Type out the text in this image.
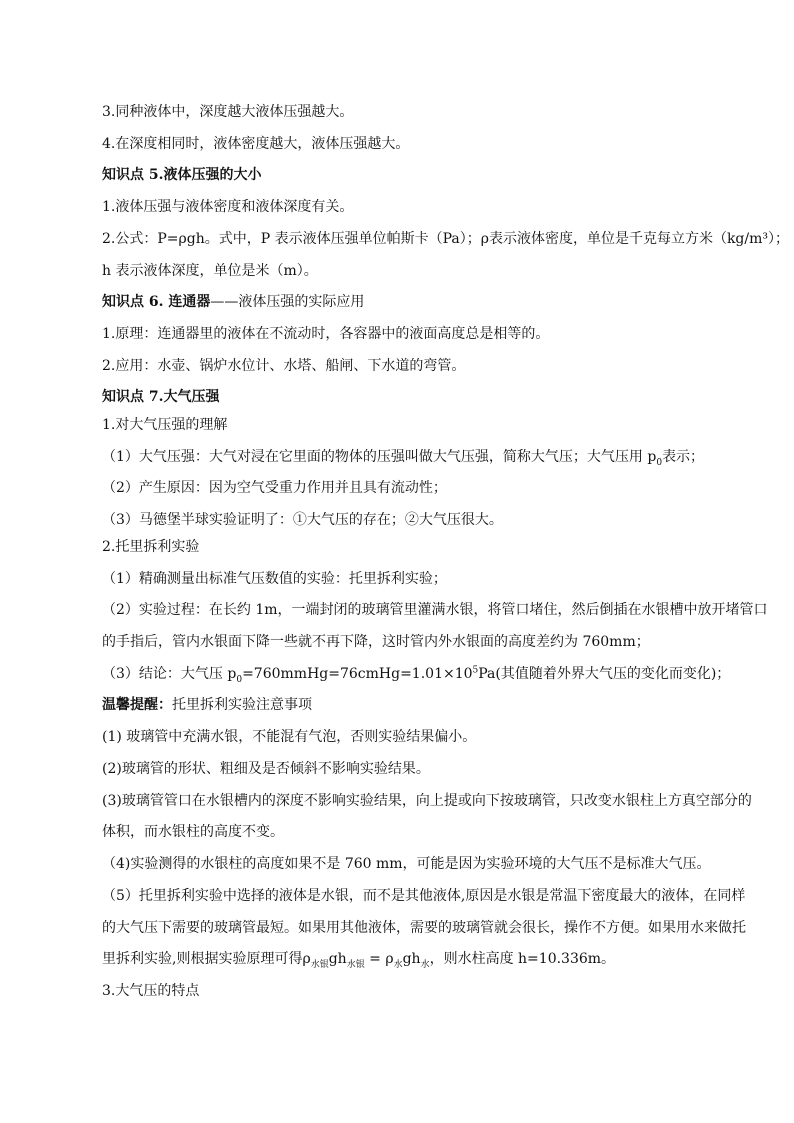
3.同种液体中，深度越大液体压强越大。
4.在深度相同时，液体密度越大，液体压强越大。
知识点 5.液体压强的大小
1.液体压强与液体密度和液体深度有关。
2.公式：P=ρgh。式中，P 表示液体压强单位帕斯卡（Pa）；ρ表示液体密度，单位是千克每立方米（kg/m³）；
h 表示液体深度，单位是米（m）。
知识点 6. 连通器——液体压强的实际应用
1.原理：连通器里的液体在不流动时，各容器中的液面高度总是相等的。
2.应用：水壶、锅炉水位计、水塔、船闸、下水道的弯管。
知识点 7.大气压强
1.对大气压强的理解
（1）大气压强：大气对浸在它里面的物体的压强叫做大气压强，简称大气压；大气压用 $p_0$表示；
（2）产生原因：因为空气受重力作用并且具有流动性；
（3）马德堡半球实验证明了：①大气压的存在；②大气压很大。
2.托里拆利实验
（1）精确测量出标准气压数值的实验：托里拆利实验；
（2）实验过程：在长约 1m，一端封闭的玻璃管里灌满水银，将管口堵住，然后倒插在水银槽中放开堵管口
的手指后，管内水银面下降一些就不再下降，这时管内外水银面的高度差约为 760mm；
（3）结论：大气压 $p_0=760mmHg=76cmHg=1.01\times 10^5Pa$(其值随着外界大气压的变化而变化)；
温馨提醒：托里拆利实验注意事项
(1) 玻璃管中充满水银，不能混有气泡，否则实验结果偏小。
(2)玻璃管的形状、粗细及是否倾斜不影响实验结果。
(3)玻璃管管口在水银槽内的深度不影响实验结果，向上提或向下按玻璃管，只改变水银柱上方真空部分的
体积，而水银柱的高度不变。
（4)实验测得的水银柱的高度如果不是 760 mm，可能是因为实验环境的大气压不是标准大气压。
（5）托里拆利实验中选择的液体是水银，而不是其他液体,原因是水银是常温下密度最大的液体，在同样
的大气压下需要的玻璃管最短。如果用其他液体，需要的玻璃管就会很长，操作不方便。如果用水来做托
里拆利实验,则根据实验原理可得$\rho_{水银}gh_{水银} = \rho_水gh_水$，则水柱高度 h=10.336m。
3.大气压的特点
